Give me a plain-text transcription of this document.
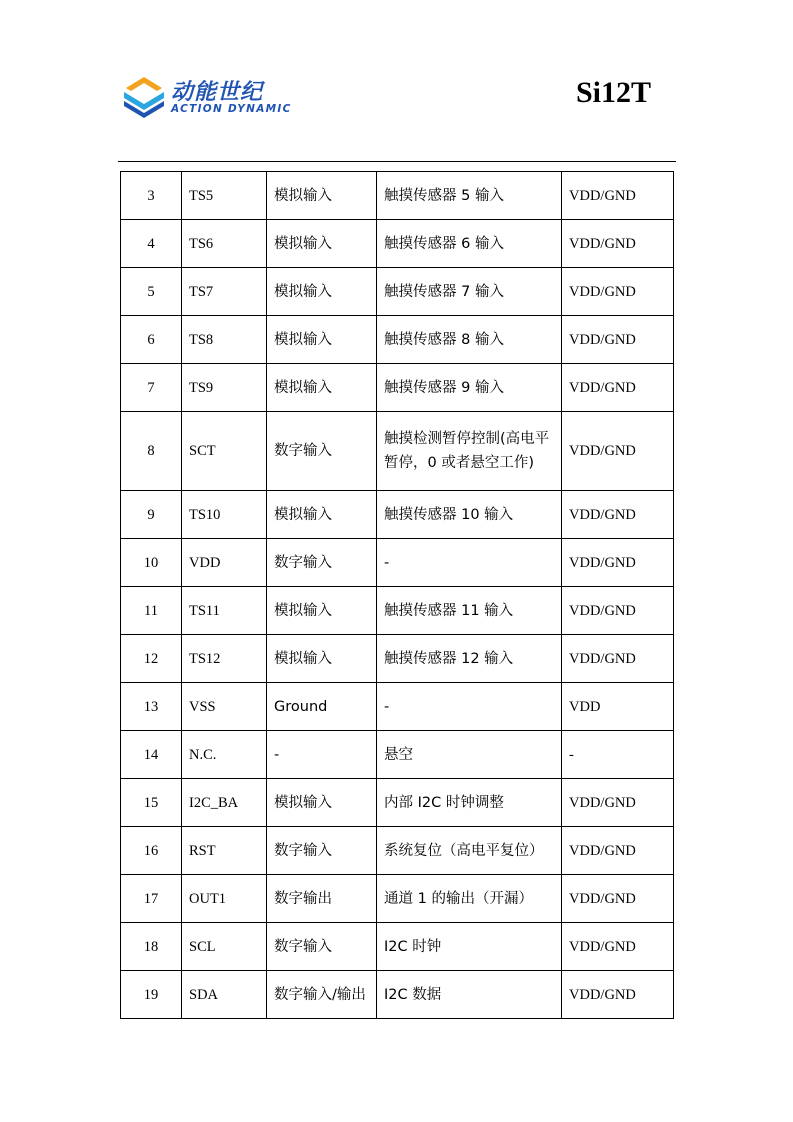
动能世纪
ACTION DYNAMIC	Si12T
3	TS5	模拟输入	触摸传感器 5 输入	VDD/GND
4	TS6	模拟输入	触摸传感器 6 输入	VDD/GND
5	TS7	模拟输入	触摸传感器 7 输入	VDD/GND
6	TS8	模拟输入	触摸传感器 8 输入	VDD/GND
7	TS9	模拟输入	触摸传感器 9 输入	VDD/GND
8	SCT	数字输入	触摸检测暂停控制(高电平暂停，0 或者悬空工作)	VDD/GND
9	TS10	模拟输入	触摸传感器 10 输入	VDD/GND
10	VDD	数字输入	-	VDD/GND
11	TS11	模拟输入	触摸传感器 11 输入	VDD/GND
12	TS12	模拟输入	触摸传感器 12 输入	VDD/GND
13	VSS	Ground	-	VDD
14	N.C.	-	悬空	-
15	I2C_BA	模拟输入	内部 I2C 时钟调整	VDD/GND
16	RST	数字输入	系统复位（高电平复位）	VDD/GND
17	OUT1	数字输出	通道 1 的输出（开漏）	VDD/GND
18	SCL	数字输入	I2C 时钟	VDD/GND
19	SDA	数字输入/输出	I2C 数据	VDD/GND
